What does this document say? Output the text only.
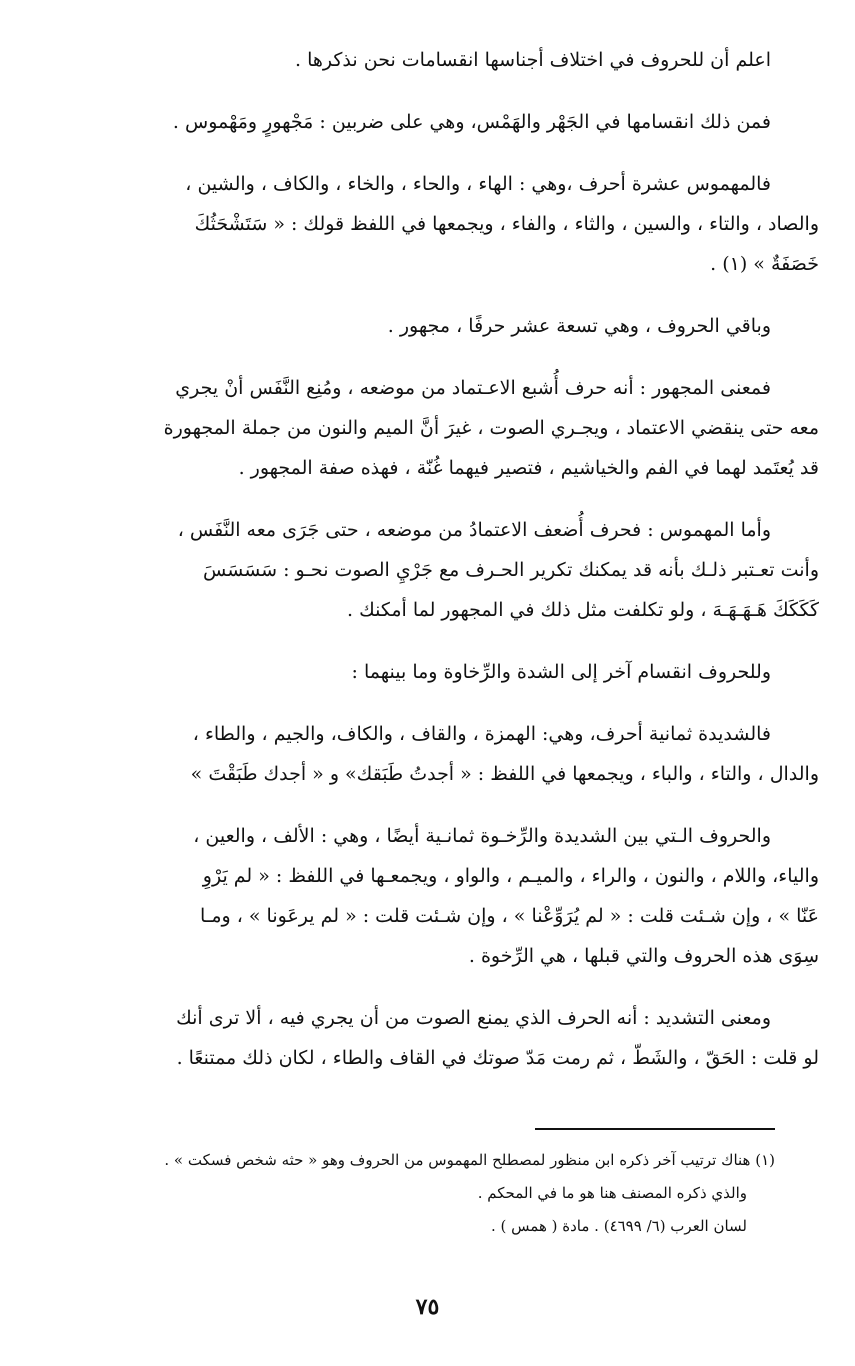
اعلم أن للحروف في اختلاف أجناسها انقسامات نحن نذكرها .

فمن ذلك انقسامها في الجَهْر والهَمْس، وهي على ضربين : مَجْهورٍ ومَهْموس .

فالمهموس عشرة أحرف ،وهي : الهاء ، والحاء ، والخاء ، والكاف ، والشين ،
والصاد ، والتاء ، والسين ، والثاء ، والفاء ، ويجمعها في اللفظ قولك : « سَتَشْحَثُكَ
خَصَفَةٌ » (١) .

وباقي الحروف ، وهي تسعة عشر حرفًا ، مجهور .

فمعنى المجهور : أنه حرف أُشبع الاعـتماد من موضعه ، ومُنِع النَّفَس أنْ يجري
معه حتى ينقضي الاعتماد ، ويجـري الصوت ، غيرَ أنَّ الميم والنون من جملة المجهورة
قد يُعتَمد لهما في الفم والخياشيم ، فتصير فيهما غُنّة ، فهذه صفة المجهور .

وأما المهموس : فحرف أُضعف الاعتمادُ من موضعه ، حتى جَرَى معه النَّفَس ،
وأنت تعـتبر ذلـك بأنه قد يمكنك تكرير الحـرف مع جَرْيِ الصوت نحـو : سَسَسَسَ
كَكَكَكَ هَـهَـهَـهَ ، ولو تكلفت مثل ذلك في المجهور لما أمكنك .

وللحروف انقسام آخر إلى الشدة والرِّخاوة وما بينهما :

فالشديدة ثمانية أحرف، وهي: الهمزة ، والقاف ، والكاف، والجيم ، والطاء ،
والدال ، والتاء ، والباء ، ويجمعها في اللفظ : « أجدتُ طَبَقك» و « أجدك طَبَقْتَ »

والحروف الـتي بين الشديدة والرِّخـوة ثمانـية أيضًا ، وهي : الألف ، والعين ،
والياء، واللام ، والنون ، والراء ، والميـم ، والواو ، ويجمعـها في اللفظ : « لم يَرْوِ
عَنّا » ، وإن شـئت قلت : « لم يُرَوِّعْنا » ، وإن شـئت قلت : « لم يرعَونا » ، ومـا
سِوَى هذه الحروف والتي قبلها ، هي الرِّخوة .

ومعنى التشديد : أنه الحرف الذي يمنع الصوت من أن يجري فيه ، ألا ترى أنك
لو قلت : الحَقّ ، والشَطّ ، ثم رمت مَدّ صوتك في القاف والطاء ، لكان ذلك ممتنعًا .

(١) هناك ترتيب آخر ذكره ابن منظور لمصطلح المهموس من الحروف وهو « حثه شخص فسكت » .
والذي ذكره المصنف هنا هو ما في المحكم .
لسان العرب (٦/ ٤٦٩٩) . مادة ( همس ) .
٧٥
